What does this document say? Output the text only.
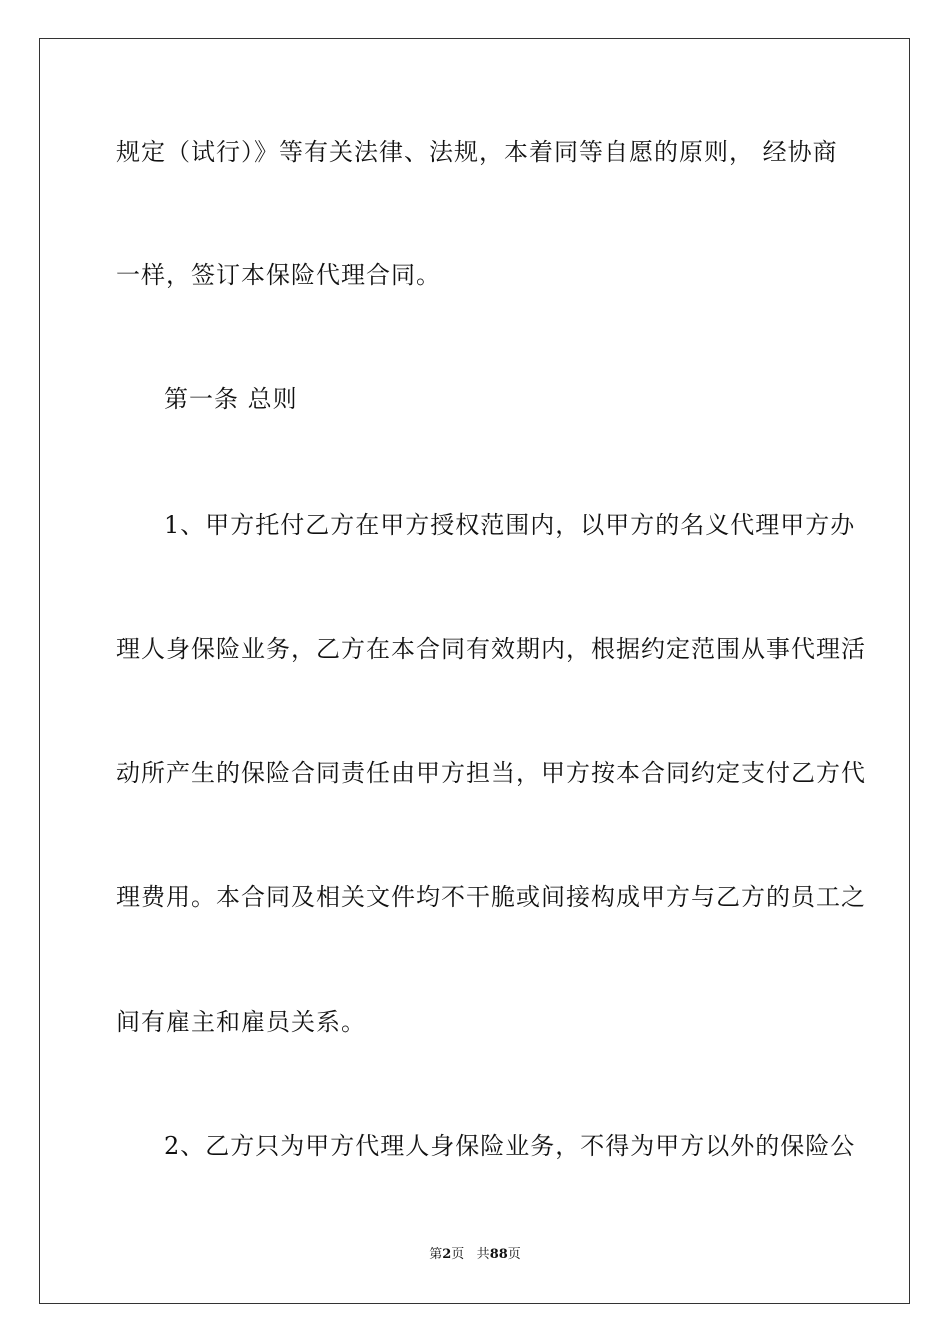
规定（试行）》等有关法律、法规，本着同等自愿的原则， 经协商
一样，签订本保险代理合同。
第一条 总则
1、甲方托付乙方在甲方授权范围内，以甲方的名义代理甲方办
理人身保险业务，乙方在本合同有效期内，根据约定范围从事代理活
动所产生的保险合同责任由甲方担当，甲方按本合同约定支付乙方代
理费用。本合同及相关文件均不干脆或间接构成甲方与乙方的员工之
间有雇主和雇员关系。
2、乙方只为甲方代理人身保险业务，不得为甲方以外的保险公
第2页 共88页
